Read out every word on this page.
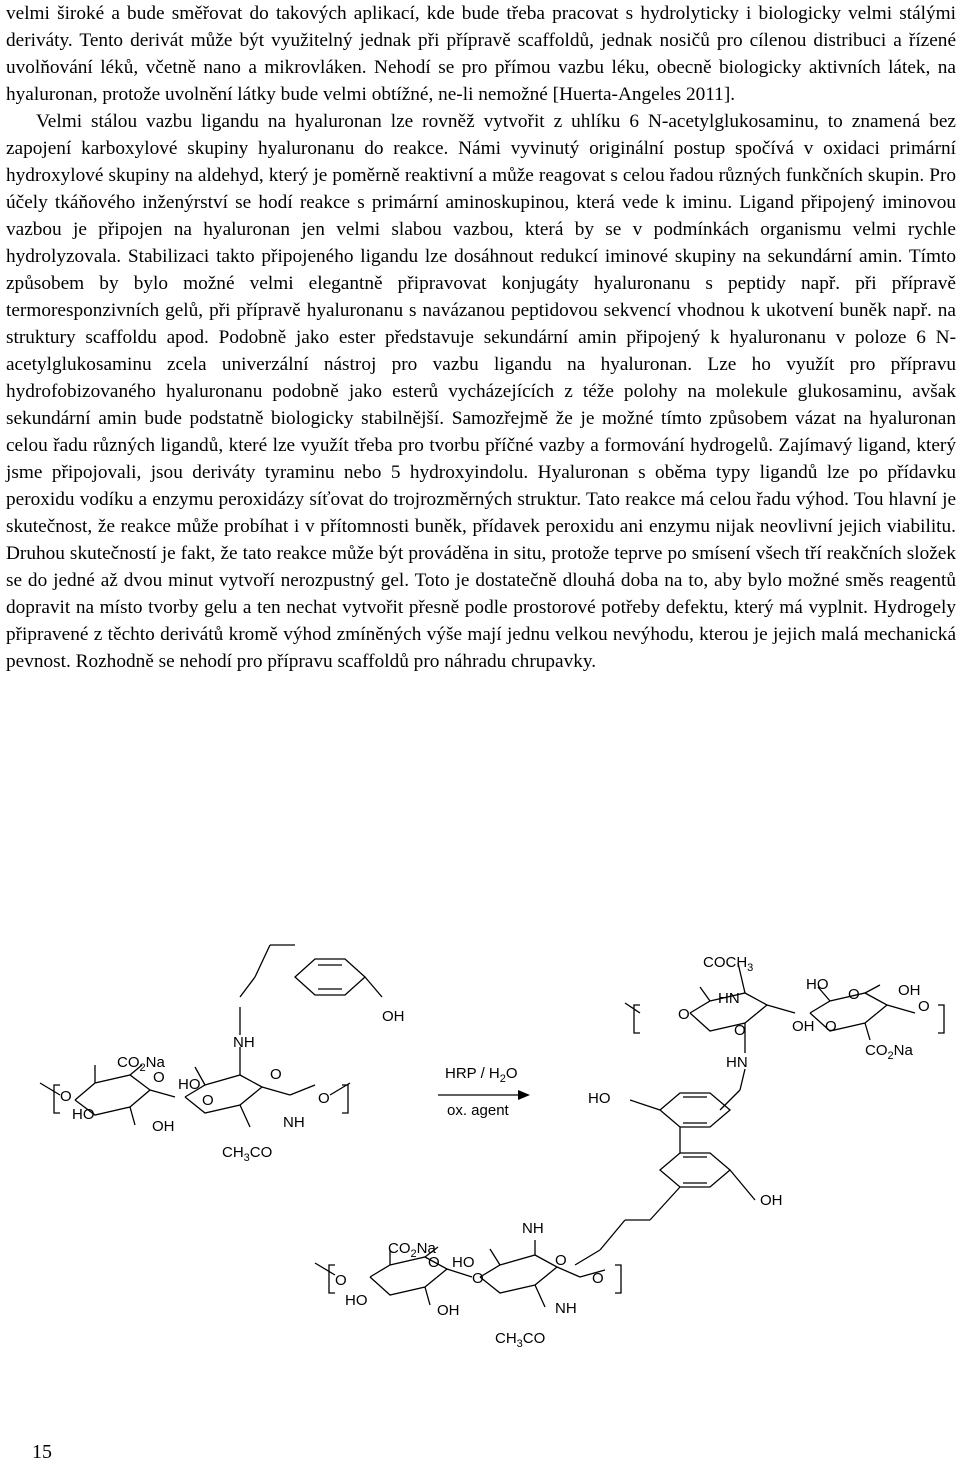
velmi široké a bude směřovat do takových aplikací, kde bude třeba pracovat s hydrolyticky i biologicky velmi stálými deriváty. Tento derivát může být využitelný jednak při přípravě scaffoldů, jednak nosičů pro cílenou distribuci a řízené uvolňování léků, včetně nano a mikrovláken. Nehodí se pro přímou vazbu léku, obecně biologicky aktivních látek, na hyaluronan, protože uvolnění látky bude velmi obtížné, ne-li nemožné [Huerta-Angeles 2011].

Velmi stálou vazbu ligandu na hyaluronan lze rovněž vytvořit z uhlíku 6 N-acetylglukosaminu, to znamená bez zapojení karboxylové skupiny hyaluronanu do reakce. Námi vyvinutý originální postup spočívá v oxidaci primární hydroxylové skupiny na aldehyd, který je poměrně reaktivní a může reagovat s celou řadou různých funkčních skupin. Pro účely tkáňového inženýrství se hodí reakce s primární aminoskupinou, která vede k iminu. Ligand připojený iminovou vazbou je připojen na hyaluronan jen velmi slabou vazbou, která by se v podmínkách organismu velmi rychle hydrolyzovala. Stabilizaci takto připojeného ligandu lze dosáhnout redukcí iminové skupiny na sekundární amin. Tímto způsobem by bylo možné velmi elegantně připravovat konjugáty hyaluronanu s peptidy např. při přípravě termoresponzivních gelů, při přípravě hyaluronanu s navázanou peptidovou sekvencí vhodnou k ukotvení buněk např. na struktury scaffoldu apod. Podobně jako ester představuje sekundární amin připojený k hyaluronanu v poloze 6 N-acetylglukosaminu zcela univerzální nástroj pro vazbu ligandu na hyaluronan. Lze ho využít pro přípravu hydrofobizovaného hyaluronanu podobně jako esterů vycházejících z téže polohy na molekule glukosaminu, avšak sekundární amin bude podstatně biologicky stabilnější. Samozřejmě že je možné tímto způsobem vázat na hyaluronan celou řadu různých ligandů, které lze využít třeba pro tvorbu příčné vazby a formování hydrogelů. Zajímavý ligand, který jsme připojovali, jsou deriváty tyraminu nebo 5 hydroxyindolu. Hyaluronan s oběma typy ligandů lze po přídavku peroxidu vodíku a enzymu peroxidázy síťovat do trojrozměrných struktur. Tato reakce má celou řadu výhod. Tou hlavní je skutečnost, že reakce může probíhat i v přítomnosti buněk, přídavek peroxidu ani enzymu nijak neovlivní jejich viabilitu. Druhou skutečností je fakt, že tato reakce může být prováděna in situ, protože teprve po smísení všech tří reakčních složek se do jedné až dvou minut vytvoří nerozpustný gel. Toto je dostatečně dlouhá doba na to, aby bylo možné směs reagentů dopravit na místo tvorby gelu a ten nechat vytvořit přesně podle prostorové potřeby defektu, který má vyplnit. Hydrogely připravené z těchto derivátů kromě výhod zmíněných výše mají jednu velkou nevýhodu, kterou je jejich malá mechanická pevnost. Rozhodně se nehodí pro přípravu scaffoldů pro náhradu chrupavky.

$CO_2Na$
O HO
O
HO
OH
O
O
O
NH
NH
$CH_3CO$
OH
HRP / $H_2O$
ox. agent
$COCH_3$
HN
HO
O	OH
O
O
O	OH O
$CO_2Na$
HN
HO
OH
NH
$CO_2Na$
O HO
O
HO
OH
O
O
O
NH
$CH_3CO$
15
